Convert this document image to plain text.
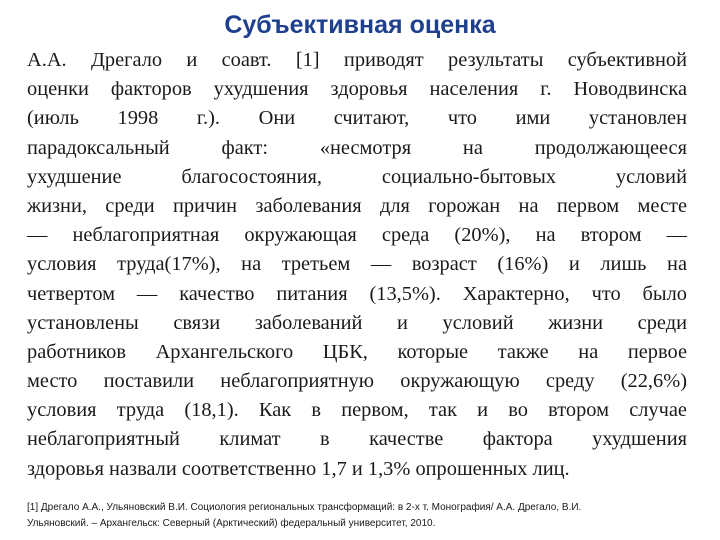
Субъективная оценка
А.А. Дрегало и соавт. [1] приводят результаты субъективной
оценки факторов ухудшения здоровья населения г. Новодвинска
(июль 1998 г.). Они считают, что ими установлен
парадоксальный факт: «несмотря на продолжающееся
ухудшение благосостояния, социально-бытовых условий
жизни, среди причин заболевания для горожан на первом месте
— неблагоприятная окружающая среда (20%), на втором —
условия труда(17%), на третьем — возраст (16%) и лишь на
четвертом — качество питания (13,5%). Характерно, что было
установлены связи заболеваний и условий жизни среди
работников Архангельского ЦБК, которые также на первое
место поставили неблагоприятную окружающую среду (22,6%)
условия труда (18,1). Как в первом, так и во втором случае
неблагоприятный климат в качестве фактора ухудшения
здоровья назвали соответственно 1,7 и 1,3% опрошенных лиц.
[1] Дрегало А.А., Ульяновский В.И. Социология региональных трансформаций: в 2-х т. Монография/ А.А. Дрегало, В.И.
Ульяновский. – Архангельск: Северный (Арктический) федеральный университет, 2010.
